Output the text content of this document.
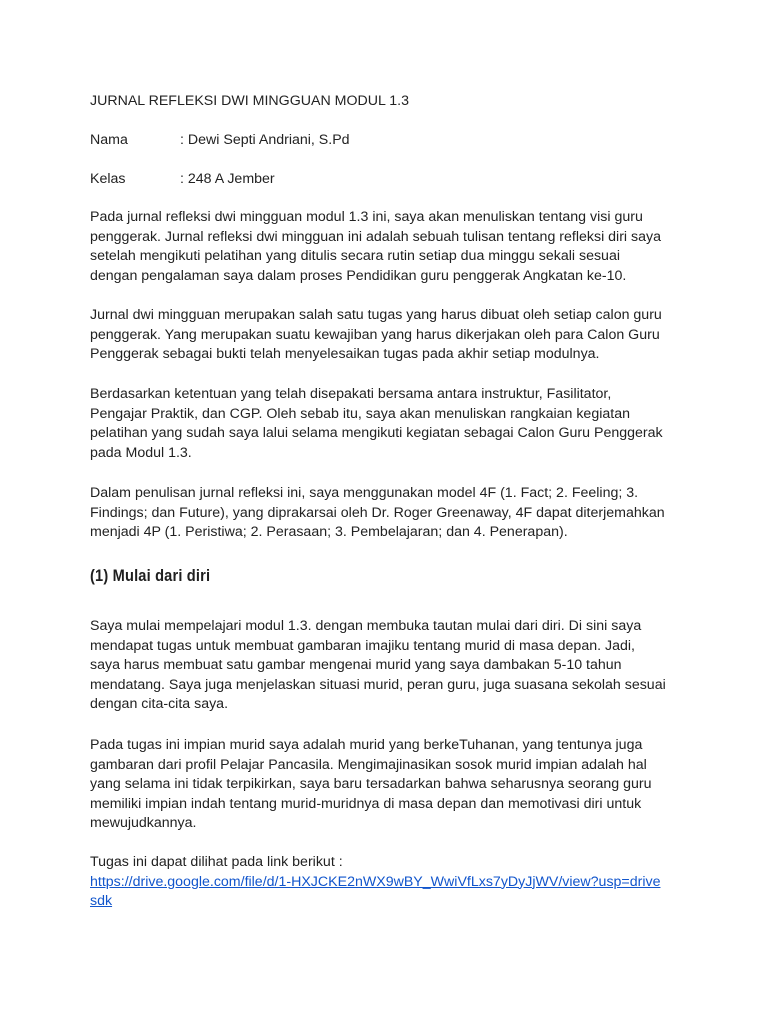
JURNAL REFLEKSI DWI MINGGUAN MODUL 1.3

Nama	: Dewi Septi Andriani, S.Pd
Kelas	: 248 A Jember

Pada jurnal refleksi dwi mingguan modul 1.3 ini, saya akan menuliskan tentang visi guru

penggerak. Jurnal refleksi dwi mingguan ini adalah sebuah tulisan tentang refleksi diri saya

setelah mengikuti pelatihan yang ditulis secara rutin setiap dua minggu sekali sesuai

dengan pengalaman saya dalam proses Pendidikan guru penggerak Angkatan ke-10.

Jurnal dwi mingguan merupakan salah satu tugas yang harus dibuat oleh setiap calon guru

penggerak. Yang merupakan suatu kewajiban yang harus dikerjakan oleh para Calon Guru

Penggerak sebagai bukti telah menyelesaikan tugas pada akhir setiap modulnya.

Berdasarkan ketentuan yang telah disepakati bersama antara instruktur, Fasilitator,

Pengajar Praktik, dan CGP. Oleh sebab itu, saya akan menuliskan rangkaian kegiatan

pelatihan yang sudah saya lalui selama mengikuti kegiatan sebagai Calon Guru Penggerak

pada Modul 1.3.

Dalam penulisan jurnal refleksi ini, saya menggunakan model 4F (1. Fact; 2. Feeling; 3.

Findings; dan Future), yang diprakarsai oleh Dr. Roger Greenaway, 4F dapat diterjemahkan

menjadi 4P (1. Peristiwa; 2. Perasaan; 3. Pembelajaran; dan 4. Penerapan).

(1) Mulai dari diri

Saya mulai mempelajari modul 1.3. dengan membuka tautan mulai dari diri. Di sini saya

mendapat tugas untuk membuat gambaran imajiku tentang murid di masa depan. Jadi,

saya harus membuat satu gambar mengenai murid yang saya dambakan 5-10 tahun

mendatang. Saya juga menjelaskan situasi murid, peran guru, juga suasana sekolah sesuai

dengan cita-cita saya.

Pada tugas ini impian murid saya adalah murid yang berkeTuhanan, yang tentunya juga

gambaran dari profil Pelajar Pancasila. Mengimajinasikan sosok murid impian adalah hal

yang selama ini tidak terpikirkan, saya baru tersadarkan bahwa seharusnya seorang guru

memiliki impian indah tentang murid-muridnya di masa depan dan memotivasi diri untuk

mewujudkannya.

Tugas ini dapat dilihat pada link berikut :

https://drive.google.com/file/d/1-HXJCKE2nWX9wBY_WwiVfLxs7yDyJjWV/view?usp=drive

sdk
